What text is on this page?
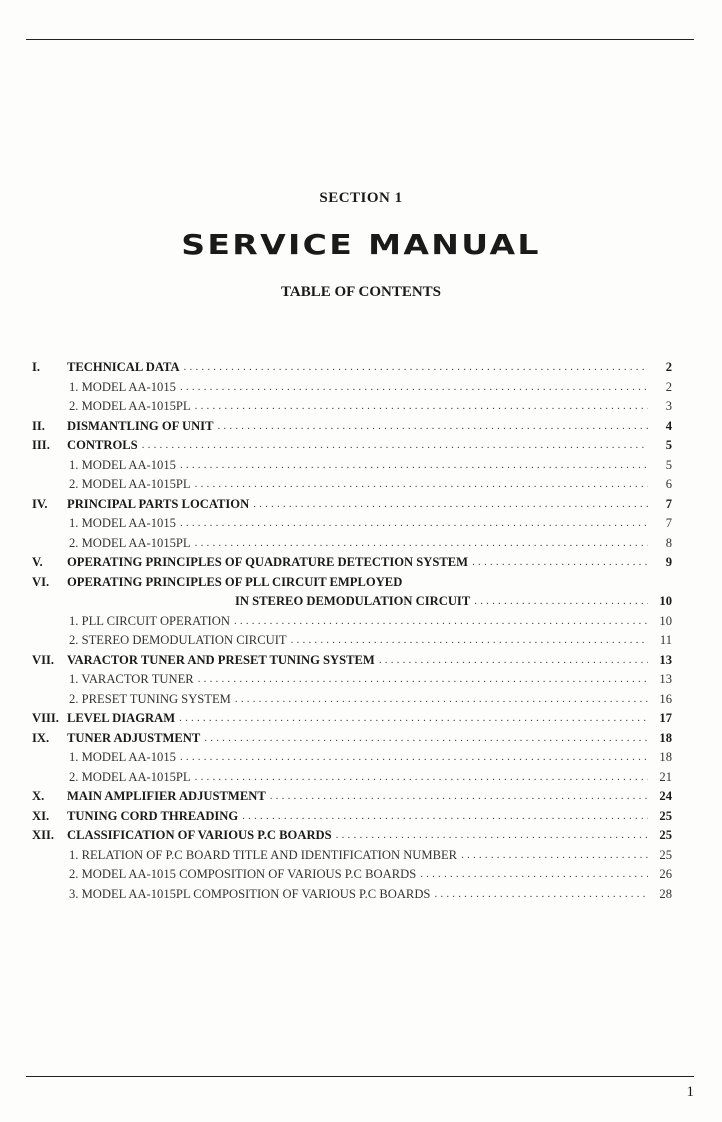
SECTION 1
SERVICE MANUAL
TABLE OF CONTENTS
I.	TECHNICAL DATA .....	2
1. MODEL AA-1015 .....	2
2. MODEL AA-1015PL .....	3
II.	DISMANTLING OF UNIT .....	4
III.	CONTROLS .....	5
1. MODEL AA-1015 .....	5
2. MODEL AA-1015PL .....	6
IV.	PRINCIPAL PARTS LOCATION .....	7
1. MODEL AA-1015 .....	7
2. MODEL AA-1015PL .....	8
V.	OPERATING PRINCIPLES OF QUADRATURE DETECTION SYSTEM .....	9
VI.	OPERATING PRINCIPLES OF PLL CIRCUIT EMPLOYED
IN STEREO DEMODULATION CIRCUIT .....	10
1. PLL CIRCUIT OPERATION .....	10
2. STEREO DEMODULATION CIRCUIT .....	11
VII.	VARACTOR TUNER AND PRESET TUNING SYSTEM .....	13
1. VARACTOR TUNER .....	13
2. PRESET TUNING SYSTEM .....	16
VIII. LEVEL DIAGRAM .....	17
IX.	TUNER ADJUSTMENT .....	18
1. MODEL AA-1015 .....	18
2. MODEL AA-1015PL .....	21
X.	MAIN AMPLIFIER ADJUSTMENT .....	24
XI.	TUNING CORD THREADING .....	25
XII.	CLASSIFICATION OF VARIOUS P.C BOARDS .....	25
1. RELATION OF P.C BOARD TITLE AND IDENTIFICATION NUMBER .....	25
2. MODEL AA-1015 COMPOSITION OF VARIOUS P.C BOARDS .....	26
3. MODEL AA-1015PL COMPOSITION OF VARIOUS P.C BOARDS .....	28
1
